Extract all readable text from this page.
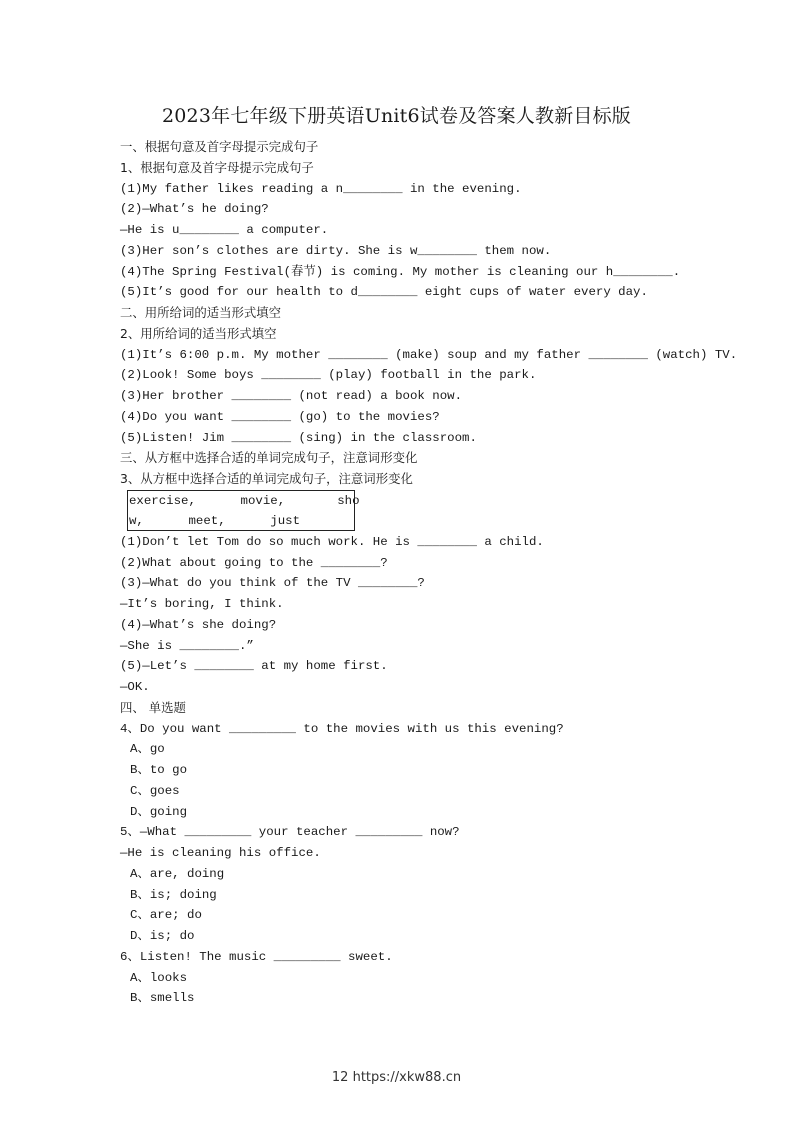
2023年七年级下册英语Unit6试卷及答案人教新目标版
一、根据句意及首字母提示完成句子
1、根据句意及首字母提示完成句子
(1)My father likes reading a n________ in the evening.
(2)—What’s he doing?
—He is u________ a computer.
(3)Her son’s clothes are dirty. She is w________ them now.
(4)The Spring Festival(春节) is coming. My mother is cleaning our h________.
(5)It’s good for our health to d________ eight cups of water every day.
二、用所给词的适当形式填空
2、用所给词的适当形式填空
(1)It’s 6:00 p.m. My mother ________ (make) soup and my father ________ (watch) TV.
(2)Look! Some boys ________ (play) football in the park.
(3)Her brother ________ (not read) a book now.
(4)Do you want ________ (go) to the movies?
(5)Listen! Jim ________ (sing) in the classroom.
三、从方框中选择合适的单词完成句子，注意词形变化
3、从方框中选择合适的单词完成句子，注意词形变化
exercise,      movie,       sho
w,      meet,      just
(1)Don’t let Tom do so much work. He is ________ a child.
(2)What about going to the ________?
(3)—What do you think of the TV ________?
—It’s boring, I think.
(4)—What’s she doing?
—She is ________.”
(5)—Let’s ________ at my home first.
—OK.
四、 单选题
4、Do you want _________ to the movies with us this evening?
A、go
B、to go
C、goes
D、going
5、—What _________ your teacher _________ now?
—He is cleaning his office.
A、are, doing
B、is; doing
C、are; do
D、is; do
6、Listen! The music _________ sweet.
A、looks
B、smells
12 https://xkw88.cn
